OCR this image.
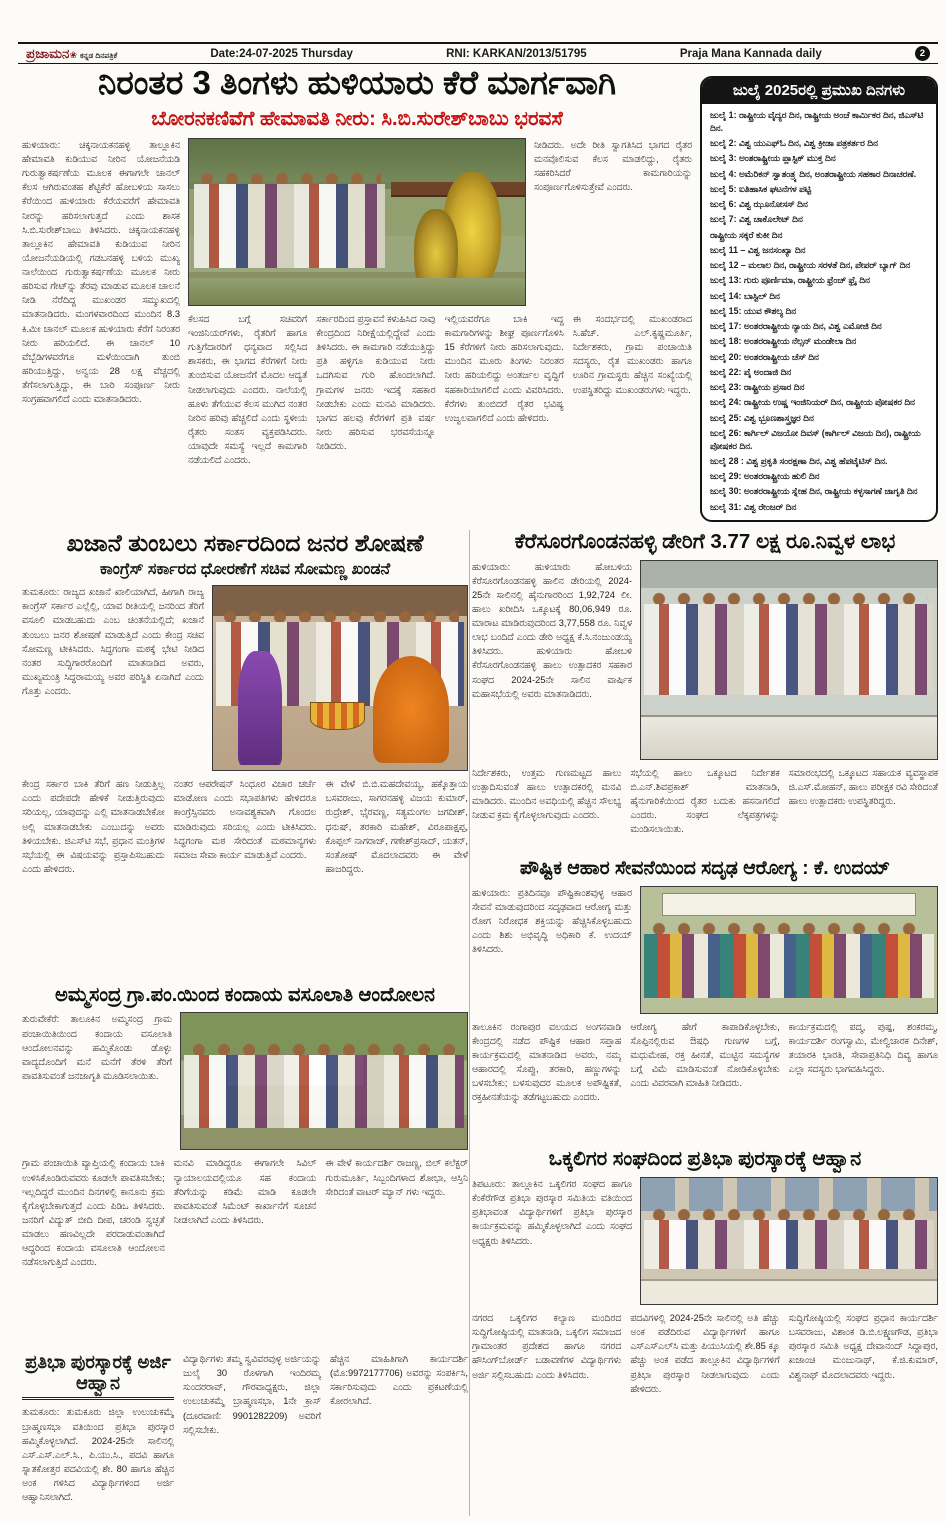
ಪ್ರಜಾಮನ❀ ಕನ್ನಡ ದಿನಪತ್ರಿಕೆ	Date:24-07-2025 Thursday	RNI: KARKAN/2013/51795	Praja Mana Kannada daily	2
ನಿರಂತರ 3 ತಿಂಗಳು ಹುಳಿಯಾರು ಕೆರೆ ಮಾರ್ಗವಾಗಿ
ಬೋರನಕಣಿವೆಗೆ ಹೇಮಾವತಿ ನೀರು: ಸಿ.ಬಿ.ಸುರೇಶ್‌ಬಾಬು ಭರವಸೆ
ಹುಳಿಯಾರು: ಚಿಕ್ಕನಾಯಕನಹಳ್ಳಿ ತಾಲ್ಲೂಕಿನ ಹೇಮಾವತಿ ಕುಡಿಯುವ ನೀರಿನ ಯೋಜನೆಯಡಿ ಗುರುತ್ವಾಕರ್ಷಣೆಯ ಮೂಲಕ ಈಗಾಗಲೇ ಚಾನಲ್ ಕೆಲಸ ಆಗಿರುವಂತಹ ಶೆಟ್ಟಿಕೆರೆ ಹೋಬಳಿಯ ಸಾಸಲು ಕೆರೆಯಿಂದ ಹುಳಿಯಾರು ಕೆರೆಯವರೆಗೆ ಹೇಮಾವತಿ ನೀರನ್ನು ಹರಿಸಲಾಗುತ್ತದೆ ಎಂದು ಶಾಸಕ ಸಿ.ಬಿ.ಸುರೇಶ್‌ಬಾಬು ತಿಳಿಸಿದರು. ಚಿಕ್ಕನಾಯಕನಹಳ್ಳಿ ತಾಲ್ಲೂಕಿನ ಹೇಮಾವತಿ ಕುಡಿಯುವ ನೀರಿನ ಯೋಜನೆಯಡಿಯಲ್ಲಿ ಗಡಬನಹಳ್ಳಿ ಬಳಿಯ ಮುಖ್ಯ ನಾಲೆಯಿಂದ ಗುರುತ್ವಾಕರ್ಷಣೆಯ ಮೂಲಕ ನೀರು ಹರಿಸುವ ಗೇಟ್‌ನ್ನು ತೆರವು ಮಾಡುವ ಮೂಲಕ ಚಾಲನೆ ನೀಡಿ ನೆರೆದಿದ್ದ ಮುಖಂಡರ ಸಮ್ಮುಖದಲ್ಲಿ ಮಾತನಾಡಿದರು. ಮಂಗಳವಾರದಿಂದ ಮುಂದಿನ 8.3 ಕಿ.ಮೀ ಚಾನಲ್ ಮೂಲಕ ಹುಳಿಯಾರು ಕೆರೆಗೆ ನಿರಂತರ ನೀರು ಹರಿಯಲಿದೆ. ಈ ಚಾನಲ್ 10 ವೆಬ್ಬೆಡಿಗಳವರೆಗೂ ಮಳೆಯಿಂದಾಗಿ ತುಂಬಿ ಹರಿಯುತ್ತಿದ್ದು, ಅನ್ವಯ 28 ಲಕ್ಷ ವೆಚ್ಚದಲ್ಲಿ ತೆಗೆಸಲಾಗುತ್ತಿದ್ದು, ಈ ಬಾರಿ ಸಂಪೂರ್ಣ ನೀರು ಸಂಗ್ರಹವಾಗಲಿದೆ ಎಂದು ಮಾತನಾಡಿದರು.
ನೀಡಿದರು. ಅದೇ ರೀತಿ ಸ್ವಾಗತಿಸಿದ ಭಾಗದ ರೈತರ ಮನವೊಲಿಸುವ ಕೆಲಸ ಮಾಡಲಿದ್ದು, ರೈತರು ಸಹಕರಿಸಿದರೆ ಕಾಮಗಾರಿಯನ್ನು ಸಂಪೂರ್ಣಗೊಳಿಸುತ್ತೇವೆ ಎಂದರು.
ಕೆಲಸದ ಬಗ್ಗೆ ಸಚಿವರಿಗೆ ಇಂಜಿನಿಯರ್‌ಗಳು, ರೈತರಿಗೆ ಹಾಗೂ ಗುತ್ತಿಗೆದಾರರಿಗೆ ಧನ್ಯವಾದ ಸಲ್ಲಿಸಿದ ಶಾಸಕರು, ಈ ಭಾಗದ ಕೆರೆಗಳಿಗೆ ನೀರು ತುಂಬಿಸುವ ಯೋಜನೆಗೆ ಮೊದಲ ಆದ್ಯತೆ ನೀಡಲಾಗುವುದು ಎಂದರು. ನಾಲೆಯಲ್ಲಿ ಹೂಳು ತೆಗೆಯುವ ಕೆಲಸ ಮುಗಿದ ನಂತರ ನೀರಿನ ಹರಿವು ಹೆಚ್ಚಲಿದೆ ಎಂದು ಸ್ಥಳೀಯ ರೈತರು ಸಂತಸ ವ್ಯಕ್ತಪಡಿಸಿದರು. ಯಾವುದೇ ಸಮಸ್ಯೆ ಇಲ್ಲದೆ ಕಾಮಗಾರಿ ನಡೆಯಲಿದೆ ಎಂದರು.
ಸರ್ಕಾರದಿಂದ ಪ್ರಸ್ತಾವನೆ ಕಳುಹಿಸಿದ ನಾವು ಕೇಂದ್ರದಿಂದ ನಿರೀಕ್ಷೆಯಲ್ಲಿದ್ದೇವೆ ಎಂದು ತಿಳಿಸಿದರು. ಈ ಕಾಮಗಾರಿ ನಡೆಯುತ್ತಿದ್ದು ಪ್ರತಿ ಹಳ್ಳಿಗೂ ಕುಡಿಯುವ ನೀರು ಒದಗಿಸುವ ಗುರಿ ಹೊಂದಲಾಗಿದೆ. ಗ್ರಾಮಗಳ ಜನರು ಇದಕ್ಕೆ ಸಹಕಾರ ನೀಡಬೇಕು ಎಂದು ಮನವಿ ಮಾಡಿದರು. ಭಾಗದ ಹಲವು ಕೆರೆಗಳಿಗೆ ಪ್ರತಿ ವರ್ಷ ನೀರು ಹರಿಸುವ ಭರವಸೆಯನ್ನೂ ನೀಡಿದರು.
ಇಲ್ಲಿಯವರೆಗೂ ಬಾಕಿ ಇದ್ದ ಕಾಮಗಾರಿಗಳನ್ನು ಶೀಘ್ರ ಪೂರ್ಣಗೊಳಿಸಿ 15 ಕೆರೆಗಳಿಗೆ ನೀರು ಹರಿಸಲಾಗುವುದು. ಮುಂದಿನ ಮೂರು ತಿಂಗಳು ನಿರಂತರ ನೀರು ಹರಿಯಲಿದ್ದು ಅಂತರ್ಜಲ ವೃದ್ಧಿಗೆ ಸಹಕಾರಿಯಾಗಲಿದೆ ಎಂದು ವಿವರಿಸಿದರು. ಕೆರೆಗಳು ತುಂಬಿದರೆ ರೈತರ ಭವಿಷ್ಯ ಉಜ್ವಲವಾಗಲಿದೆ ಎಂದು ಹೇಳಿದರು.
ಈ ಸಂದರ್ಭದಲ್ಲಿ ಮುಖಂಡರಾದ ಸಿ.ಹೆಚ್. ಎಲ್.ಕೃಷ್ಣಮೂರ್ತಿ, ನಿರ್ದೇಶಕರು, ಗ್ರಾಮ ಪಂಚಾಯಿತಿ ಸದಸ್ಯರು, ರೈತ ಮುಖಂಡರು ಹಾಗೂ ಊರಿನ ಗ್ರಾಮಸ್ಥರು ಹೆಚ್ಚಿನ ಸಂಖ್ಯೆಯಲ್ಲಿ ಉಪಸ್ಥಿತರಿದ್ದು ಮುಖಂಡರುಗಳು ಇದ್ದರು.
ಜುಲೈ 2025ರಲ್ಲಿ ಪ್ರಮುಖ ದಿನಗಳು
ಜುಲೈ 1: ರಾಷ್ಟ್ರೀಯ ವೈದ್ಯರ ದಿನ, ರಾಷ್ಟ್ರೀಯ ಅಂಚೆ ಕಾರ್ಮಿಕರ ದಿನ, ಜಿಎಸ್‌ಟಿ ದಿನ.
ಜುಲೈ 2: ವಿಶ್ವ ಯುಎಫ್‌ಓ ದಿನ, ವಿಶ್ವ ಕ್ರೀಡಾ ಪತ್ರಕರ್ತರ ದಿನ
ಜುಲೈ 3: ಅಂತರಾಷ್ಟ್ರೀಯ ಪ್ಲಾಸ್ಟಿಕ್ ಮುಕ್ತ ದಿನ
ಜುಲೈ 4: ಅಮೆರಿಕನ್ ಸ್ವಾತಂತ್ರ್ಯ ದಿನ, ಅಂತರಾಷ್ಟ್ರೀಯ ಸಹಕಾರ ದಿನಾಚರಣೆ.
ಜುಲೈ 5: ಐತಿಹಾಸಿಕ ಘಟನೆಗಳ ಪಟ್ಟಿ
ಜುಲೈ 6: ವಿಶ್ವ ಝೂನೋಸಸ್ ದಿನ
ಜುಲೈ 7: ವಿಶ್ವ ಚಾಕೊಲೇಟ್ ದಿನ
ರಾಷ್ಟ್ರೀಯ ಸಕ್ಕರೆ ಕುಕೀ ದಿನ
ಜುಲೈ 11 – ವಿಶ್ವ ಜನಸಂಖ್ಯಾ ದಿನ
ಜುಲೈ 12 – ಮಲಾಲ ದಿನ, ರಾಷ್ಟ್ರೀಯ ಸರಳತೆ ದಿನ, ಪೇಪರ್ ಬ್ಯಾಗ್ ದಿನ
ಜುಲೈ 13: ಗುರು ಪೂರ್ಣಿಮಾ, ರಾಷ್ಟ್ರೀಯ ಫ್ರೆಂಚ್ ಫ್ರೈ ದಿನ
ಜುಲೈ 14: ಬಾಸ್ಟಿಲ್ ದಿನ
ಜುಲೈ 15: ಯುವ ಕೌಶಲ್ಯ ದಿನ
ಜುಲೈ 17: ಅಂತರರಾಷ್ಟ್ರೀಯ ನ್ಯಾಯ ದಿನ, ವಿಶ್ವ ಎಮೋಜಿ ದಿನ
ಜುಲೈ 18: ಅಂತರರಾಷ್ಟ್ರೀಯ ನೆಲ್ಸನ್ ಮಂಡೇಲಾ ದಿನ
ಜುಲೈ 20: ಅಂತರರಾಷ್ಟ್ರೀಯ ಚೆಸ್ ದಿನ
ಜುಲೈ 22: ಪೈ ಅಂದಾಜಿ ದಿನ
ಜುಲೈ 23: ರಾಷ್ಟ್ರೀಯ ಪ್ರಸಾರ ದಿನ
ಜುಲೈ 24: ರಾಷ್ಟ್ರೀಯ ಉಷ್ಣ ಇಂಜಿನಿಯರ್ ದಿನ, ರಾಷ್ಟ್ರೀಯ ಪೋಷಕರ ದಿನ
ಜುಲೈ 25: ವಿಶ್ವ ಭ್ರೂಣಶಾಸ್ತ್ರಜ್ಞರ ದಿನ
ಜುಲೈ 26: ಕಾರ್ಗಿಲ್ ವಿಜಯೋ ದಿವಸ್ (ಕಾರ್ಗಿಲ್ ವಿಜಯ ದಿನ), ರಾಷ್ಟ್ರೀಯ ಪೋಷಕರ ದಿನ.
ಜುಲೈ 28 : ವಿಶ್ವ ಪ್ರಕೃತಿ ಸಂರಕ್ಷಣಾ ದಿನ, ವಿಶ್ವ ಹೆಪಟೈಟಿಸ್ ದಿನ.
ಜುಲೈ 29: ಅಂತರರಾಷ್ಟ್ರೀಯ ಹುಲಿ ದಿನ
ಜುಲೈ 30: ಅಂತರರಾಷ್ಟ್ರೀಯ ಸ್ನೇಹ ದಿನ, ರಾಷ್ಟ್ರೀಯ ಕಳ್ಳಸಾಗಣೆ ಜಾಗೃತಿ ದಿನ
ಜುಲೈ 31: ವಿಶ್ವ ರೇಂಜರ್ ದಿನ
ಖಜಾನೆ ತುಂಬಲು ಸರ್ಕಾರದಿಂದ ಜನರ ಶೋಷಣೆ
ಕಾಂಗ್ರೆಸ್ ಸರ್ಕಾರದ ಧೋರಣೆಗೆ ಸಚಿವ ಸೋಮಣ್ಣ ಖಂಡನೆ
ತುಮಕೂರು: ರಾಜ್ಯದ ಖಜಾನೆ ಖಾಲಿಯಾಗಿದೆ, ಹೀಗಾಗಿ ರಾಜ್ಯ ಕಾಂಗ್ರೆಸ್ ಸರ್ಕಾರ ಎಲ್ಲೆಲ್ಲಿ, ಯಾವ ರೀತಿಯಲ್ಲಿ ಜನರಿಂದ ತೆರಿಗೆ ವಸೂಲಿ ಮಾಡಬಹುದು ಎಂಬ ಚಿಂತನೆಯಲ್ಲಿದೆ; ಖಜಾನೆ ತುಂಬಲು ಜನರ ಶೋಷಣೆ ಮಾಡುತ್ತಿದೆ ಎಂದು ಕೇಂದ್ರ ಸಚಿವ ಸೋಮಣ್ಣ ಟೀಕಿಸಿದರು. ಸಿದ್ಧಗಂಗಾ ಮಠಕ್ಕೆ ಭೇಟಿ ನೀಡಿದ ನಂತರ ಸುದ್ದಿಗಾರರೊಂದಿಗೆ ಮಾತನಾಡಿದ ಅವರು, ಮುಖ್ಯಮಂತ್ರಿ ಸಿದ್ಧರಾಮಯ್ಯ ಅವರ ಪರಿಸ್ಥಿತಿ ಏನಾಗಿದೆ ಎಂದು ಗೊತ್ತು ಎಂದರು.
ಕೇಂದ್ರ ಸರ್ಕಾರ ಬಾಕಿ ತೆರಿಗೆ ಹಣ ನೀಡುತ್ತಿಲ್ಲ ಎಂದು ಪದೇಪದೇ ಹೇಳಿಕೆ ನೀಡುತ್ತಿರುವುದು ಸರಿಯಲ್ಲ, ಯಾವುದನ್ನು ಎಲ್ಲಿ ಮಾತನಾಡಬೇಕೋ ಅಲ್ಲಿ ಮಾತನಾಡಬೇಕು ಎಂಬುದನ್ನು ಅವರು ತಿಳಿಯಬೇಕು. ಜಿಎಸ್‌ಟಿ ಸಭೆ, ಪ್ರಧಾನ ಮಂತ್ರಿಗಳ ಸಭೆಯಲ್ಲಿ ಈ ವಿಷಯವನ್ನು ಪ್ರಸ್ತಾಪಿಸಬಹುದು ಎಂದು ಹೇಳಿದರು.
ನಂತರ ಆಪರೇಷನ್ ಸಿಂಧೂರ ವಿಚಾರ ಚರ್ಚೆ ಮಾಡೋಣ ಎಂದು ಸಭಾಪತಿಗಳು ಹೇಳಿದರೂ ಕಾಂಗ್ರೆಸ್ಸಿನವರು ಅನಾವಶ್ಯಕವಾಗಿ ಗೊಂದಲ ಮಾಡಿರುವುದು ಸರಿಯಲ್ಲ ಎಂದು ಟೀಕಿಸಿದರು. ಸಿದ್ಧಗಂಗಾ ಮಠ ಸೇರಿದಂತೆ ಮಠಮಾನ್ಯಗಳು ಸಮಾಜ ಸೇವಾ ಕಾರ್ಯ ಮಾಡುತ್ತಿವೆ ಎಂದರು.
ಈ ವೇಳೆ ಬಿ.ಬಿ.ಮಹದೇವಯ್ಯ, ಹಕ್ಕೊತ್ತಾಯ ಬಸವರಾಜು, ಸಾಗರನಹಳ್ಳಿ ವಿಜಯ ಕುಮಾರ್, ರುದ್ರೇಶ್, ಭೈರವಣ್ಣ, ಸತ್ಯಮಂಗಲ ಜಗದೀಶ್, ಧನುಷ್, ತರಕಾರಿ ಮಹೇಶ್, ವಿರೂಪಾಕ್ಷಪ್ಪ, ಕೊಪ್ಪಲ್ ನಾಗರಾಜ್, ಗಣೇಶ್‌ಪ್ರಸಾದ್, ಯತನ್, ಸಂತೋಷ್ ಮೊದಲಾದವರು ಈ ವೇಳೆ ಹಾಜರಿದ್ದರು.
ಕೆರೆಸೂರಗೊಂಡನಹಳ್ಳಿ ಡೇರಿಗೆ 3.77 ಲಕ್ಷ ರೂ.ನಿವ್ವಳ ಲಾಭ
ಹುಳಿಯಾರು: ಹುಳಿಯಾರು ಹೋಬಳಿಯ ಕೆರೆಸೂರಗೊಂಡನಹಳ್ಳಿ ಹಾಲಿನ ಡೇರಿಯಲ್ಲಿ 2024-25ನೇ ಸಾಲಿನಲ್ಲಿ ಹೈನುಗಾರರಿಂದ 1,92,724 ಲೀ. ಹಾಲು ಖರೀದಿಸಿ ಒಕ್ಕೂಟಕ್ಕೆ 80,06,949 ರೂ. ಮಾರಾಟ ಮಾಡಿರುವುದರಿಂದ 3,77,558 ರೂ. ನಿವ್ವಳ ಲಾಭ ಬಂದಿದೆ ಎಂದು ಡೇರಿ ಅಧ್ಯಕ್ಷ ಕೆ.ಸಿ.ನಂಜುಂಡಯ್ಯ ತಿಳಿಸಿದರು. ಹುಳಿಯಾರು ಹೋಬಳಿ ಕೆರೆಸೂರಗೊಂಡನಹಳ್ಳಿ ಹಾಲು ಉತ್ಪಾದಕರ ಸಹಕಾರ ಸಂಘದ 2024-25ನೇ ಸಾಲಿನ ವಾರ್ಷಿಕ ಮಹಾಸಭೆಯಲ್ಲಿ ಅವರು ಮಾತನಾಡಿದರು.
ನಿರ್ದೇಶಕರು, ಉತ್ತಮ ಗುಣಮಟ್ಟದ ಹಾಲು ಉತ್ಪಾದಿಸುವಂತೆ ಹಾಲು ಉತ್ಪಾದಕರಲ್ಲಿ ಮನವಿ ಮಾಡಿದರು. ಮುಂದಿನ ಅವಧಿಯಲ್ಲಿ ಹೆಚ್ಚಿನ ಸೌಲಭ್ಯ ನೀಡುವ ಕ್ರಮ ಕೈಗೊಳ್ಳಲಾಗುವುದು ಎಂದರು.
ಸಭೆಯಲ್ಲಿ ಹಾಲು ಒಕ್ಕೂಟದ ನಿರ್ದೇಶಕ ಬಿ.ಎನ್.ಶಿವಪ್ರಕಾಶ್ ಮಾತನಾಡಿ, ಹೈನುಗಾರಿಕೆಯಿಂದ ರೈತರ ಬದುಕು ಹಸನಾಗಲಿದೆ ಎಂದರು. ಸಂಘದ ಲೆಕ್ಕಪತ್ರಗಳನ್ನು ಮಂಡಿಸಲಾಯಿತು.
ಸಮಾರಂಭದಲ್ಲಿ ಒಕ್ಕೂಟದ ಸಹಾಯಕ ವ್ಯವಸ್ಥಾಪಕ ಜಿ.ಎಸ್.ಮೋಹನ್, ಹಾಲು ಪರೀಕ್ಷಕ ರವಿ ಸೇರಿದಂತೆ ಹಾಲು ಉತ್ಪಾದಕರು ಉಪಸ್ಥಿತರಿದ್ದರು.
ಪೌಷ್ಟಿಕ ಆಹಾರ ಸೇವನೆಯಿಂದ ಸದೃಢ ಆರೋಗ್ಯ : ಕೆ. ಉದಯ್
ಹುಳಿಯಾರು: ಪ್ರತಿದಿನವೂ ಪೌಷ್ಟಿಕಾಂಶವುಳ್ಳ ಆಹಾರ ಸೇವನೆ ಮಾಡುವುದರಿಂದ ಸದೃಢವಾದ ಆರೋಗ್ಯ ಮತ್ತು ರೋಗ ನಿರೋಧಕ ಶಕ್ತಿಯನ್ನು ಹೆಚ್ಚಿಸಿಕೊಳ್ಳಬಹುದು ಎಂದು ಶಿಶು ಅಭಿವೃದ್ಧಿ ಅಧಿಕಾರಿ ಕೆ. ಉದಯ್ ತಿಳಿಸಿದರು.
ತಾಲೂಕಿನ ರಂಗಾಪುರ ವಲಯದ ಅಂಗನವಾಡಿ ಕೇಂದ್ರದಲ್ಲಿ ನಡೆದ ಪೌಷ್ಟಿಕ ಆಹಾರ ಸಪ್ತಾಹ ಕಾರ್ಯಕ್ರಮದಲ್ಲಿ ಮಾತನಾಡಿದ ಅವರು, ನಮ್ಮ ಆಹಾರದಲ್ಲಿ ಸೊಪ್ಪು, ತರಕಾರಿ, ಹಣ್ಣುಗಳನ್ನು ಬಳಸಬೇಕು; ಬಳಸುವುದರ ಮೂಲಕ ಅಪೌಷ್ಟಿಕತೆ, ರಕ್ತಹೀನತೆಯನ್ನು ತಡೆಗಟ್ಟಬಹುದು ಎಂದರು.
ಆರೋಗ್ಯ ಹೇಗೆ ಕಾಪಾಡಿಕೊಳ್ಳಬೇಕು, ಸೊಪ್ಪಿನಲ್ಲಿರುವ ಔಷಧಿ ಗುಣಗಳ ಬಗ್ಗೆ, ಮಧುಮೇಹ, ರಕ್ತ ಹೀನತೆ, ಮುಟ್ಟಿನ ಸಮಸ್ಯೆಗಳ ಬಗ್ಗೆ ವಿಮೆ ಮಾಡಿಸುವಂತೆ ನೋಡಿಕೊಳ್ಳಬೇಕು ಎಂದು ವಿವರವಾಗಿ ಮಾಹಿತಿ ನೀಡಿದರು.
ಕಾರ್ಯಕ್ರಮದಲ್ಲಿ ಪದ್ಮ, ಪುಷ್ಪ, ಶಂಕರಮ್ಮ, ಕಾರ್ಯದರ್ಶಿ ರಂಗಸ್ವಾಮಿ, ಮೇಲ್ವಿಚಾರಕ ದಿನೇಶ್, ತಯಾರಕಿ ಭಾರತಿ, ಸೇವಾಪ್ರತಿನಿಧಿ ದಿವ್ಯ ಹಾಗೂ ಎಲ್ಲಾ ಸದಸ್ಯರು ಭಾಗವಹಿಸಿದ್ದರು.
ಅಮ್ಮಸಂದ್ರ ಗ್ರಾ.ಪಂ.ಯಿಂದ ಕಂದಾಯ ವಸೂಲಾತಿ ಆಂದೋಲನ
ತುರುವೇಕೆರೆ: ತಾಲೂಕಿನ ಅಮ್ಮಸಂದ್ರ ಗ್ರಾಮ ಪಂಚಾಯಿತಿಯಿಂದ ಕಂದಾಯ ವಸೂಲಾತಿ ಆಂದೋಲನವನ್ನು ಹಮ್ಮಿಕೊಂಡು ಡೊಳ್ಳು ವಾದ್ಯದೊಂದಿಗೆ ಮನೆ ಮನೆಗೆ ತೆರಳಿ ತೆರಿಗೆ ಪಾವತಿಸುವಂತೆ ಜನಜಾಗೃತಿ ಮೂಡಿಸಲಾಯಿತು.
ಗ್ರಾಮ ಪಂಚಾಯಿತಿ ವ್ಯಾಪ್ತಿಯಲ್ಲಿ ಕಂದಾಯ ಬಾಕಿ ಉಳಿಸಿಕೊಂಡಿರುವವರು ಕೂಡಲೇ ಪಾವತಿಸಬೇಕು; ಇಲ್ಲದಿದ್ದರೆ ಮುಂದಿನ ದಿನಗಳಲ್ಲಿ ಕಾನೂನು ಕ್ರಮ ಕೈಗೊಳ್ಳಬೇಕಾಗುತ್ತದೆ ಎಂದು ಪಿಡಿಒ ತಿಳಿಸಿದರು. ಜನರಿಗೆ ವಿದ್ಯುತ್ ಬೀದಿ ದೀಪ, ಚರಂಡಿ ಸ್ವಚ್ಛತೆ ಮಾಡಲು ಹಣವಿಲ್ಲದೇ ಪರದಾಡುವಂತಾಗಿದೆ ಆದ್ದರಿಂದ ಕಂದಾಯ ವಸೂಲಾತಿ ಆಂದೋಲನ ನಡೆಸಲಾಗುತ್ತಿದೆ ಎಂದರು.
ಮನವಿ ಮಾಡಿದ್ದರೂ ಈಗಾಗಲೇ ಸಿವಿಲ್ ನ್ಯಾಯಾಲಯದಲ್ಲಿಯೂ ಸಹ ಕಂದಾಯ ತೆರಿಗೆಯನ್ನು ಕಡಿಮೆ ಮಾಡಿ ಕೂಡಲೇ ಪಾವತಿಸುವಂತೆ ಸಿಮೆಂಟ್ ಕಾರ್ಖಾನೆಗೆ ಸೂಚನೆ ನೀಡಲಾಗಿದೆ ಎಂದು ತಿಳಿಸಿದರು.
ಈ ವೇಳೆ ಕಾರ್ಯದರ್ಶಿ ರಾಜಣ್ಣ, ಬಿಲ್ ಕಲೆಕ್ಟರ್ ಗುರುಮೂರ್ತಿ, ಸಿಬ್ಬಂದಿಗಳಾದ ಶೋಭಾ, ಆಸ್ತಿನಿ ಸೇರಿದಂತೆ ವಾಟರ್ ಮ್ಯಾನ್ ಗಳು ಇದ್ದರು.
ಒಕ್ಕಲಿಗರ ಸಂಘದಿಂದ ಪ್ರತಿಭಾ ಪುರಸ್ಕಾರಕ್ಕೆ ಆಹ್ವಾನ
ತಿಪಟೂರು: ತಾಲ್ಲೂಕಿನ ಒಕ್ಕಲಿಗರ ಸಂಘದ ಹಾಗೂ ಕೆಂಕೆರೆಗೌಡ ಪ್ರತಿಭಾ ಪುರಸ್ಕಾರ ಸಮಿತಿಯ ವತಿಯಿಂದ ಪ್ರತಿಭಾವಂತ ವಿದ್ಯಾರ್ಥಿಗಳಿಗೆ ಪ್ರತಿಭಾ ಪುರಸ್ಕಾರ ಕಾರ್ಯಕ್ರಮವನ್ನು ಹಮ್ಮಿಕೊಳ್ಳಲಾಗಿದೆ ಎಂದು ಸಂಘದ ಅಧ್ಯಕ್ಷರು ತಿಳಿಸಿದರು.
ನಗರದ ಒಕ್ಕಲಿಗರ ಕಲ್ಯಾಣ ಮಂದಿರದ ಸುದ್ದಿಗೋಷ್ಠಿಯಲ್ಲಿ ಮಾತನಾಡಿ, ಒಕ್ಕಲಿಗ ಸಮಾಜದ ಗ್ರಾಮಾಂತರ ಪ್ರದೇಶದ ಹಾಗೂ ನಗರದ ಹೌಸಿಂಗ್‌ಬೋರ್ಡ್ ಬಡಾವಣೆಗಳ ವಿದ್ಯಾರ್ಥಿಗಳು ಅರ್ಜಿ ಸಲ್ಲಿಸಬಹುದು ಎಂದು ತಿಳಿಸಿದರು.
ಪದವಿಗಳಲ್ಲಿ 2024-25ನೇ ಸಾಲಿನಲ್ಲಿ ಅತಿ ಹೆಚ್ಚು ಅಂಕ ಪಡೆದಿರುವ ವಿದ್ಯಾರ್ಥಿಗಳಿಗೆ ಹಾಗೂ ಎಸ್‌ಎಸ್‌ಎಲ್‌ಸಿ ಮತ್ತು ಪಿಯುಸಿಯಲ್ಲಿ ಶೇ.85 ಕ್ಕೂ ಹೆಚ್ಚು ಅಂಕ ಪಡೆದ ತಾಲ್ಲೂಕಿನ ವಿದ್ಯಾರ್ಥಿಗಳಿಗೆ ಪ್ರತಿಭಾ ಪುರಸ್ಕಾರ ನೀಡಲಾಗುವುದು ಎಂದು ಹೇಳಿದರು.
ಸುದ್ದಿಗೋಷ್ಠಿಯಲ್ಲಿ ಸಂಘದ ಪ್ರಧಾನ ಕಾರ್ಯದರ್ಶಿ ಬಸವರಾಜು, ವಿಶಾಂಕ ಡಿ.ಬಿ.ಲಕ್ಷ್ಮಣಗೌಡ, ಪ್ರತಿಭಾ ಪುರಸ್ಕಾರ ಸಮಿತಿ ಅಧ್ಯಕ್ಷ ದೇವಾನಂದ್ ಸಿದ್ದಾಪುರ, ಖಜಾಂಚಿ ಮಂಜುನಾಥ್, ಕೆ.ಜಿ.ಕುಮಾರ್, ವಿಶ್ವನಾಥ್ ಮೊದಲಾದವರು ಇದ್ದರು.
ಪ್ರತಿಭಾ ಪುರಸ್ಕಾರಕ್ಕೆ ಅರ್ಜಿ ಆಹ್ವಾನ
ತುಮಕೂರು: ತುಮಕೂರು ಜಿಲ್ಲಾ ಉಲುಚುಕಮ್ಮೆ ಬ್ರಾಹ್ಮಣಸಭಾ ವತಿಯಿಂದ ಪ್ರತಿಭಾ ಪುರಸ್ಕಾರ ಹಮ್ಮಿಕೊಳ್ಳಲಾಗಿದೆ. 2024-25ನೇ ಸಾಲಿನಲ್ಲಿ ಎಸ್.ಎಸ್.ಎಲ್.ಸಿ., ಪಿ.ಯು.ಸಿ., ಪದವಿ ಹಾಗೂ ಸ್ನಾತಕೋತ್ತರ ಪದವಿಯಲ್ಲಿ ಶೇ. 80 ಹಾಗೂ ಹೆಚ್ಚಿನ ಅಂಕ ಗಳಿಸಿದ ವಿದ್ಯಾರ್ಥಿಗಳಿಂದ ಅರ್ಜಿ ಆಹ್ವಾನಿಸಲಾಗಿದೆ.
ವಿದ್ಯಾರ್ಥಿಗಳು ತಮ್ಮ ಸ್ವವಿವರವುಳ್ಳ ಅರ್ಜಿಯನ್ನು ಜುಲೈ 30 ರೊಳಗಾಗಿ ಇಂದಿರಮ್ಮ ಸುಂದರರಾವ್, ಗೌರವಾಧ್ಯಕ್ಷರು, ಜಿಲ್ಲಾ ಉಲುಚುಕಮ್ಮೆ ಬ್ರಾಹ್ಮಣಸಭಾ, 1ನೇ ಕ್ರಾಸ್ (ದೂರವಾಣಿ: 9901282209) ಅವರಿಗೆ ಸಲ್ಲಿಸಬೇಕು.
ಹೆಚ್ಚಿನ ಮಾಹಿತಿಗಾಗಿ ಕಾರ್ಯದರ್ಶಿ (ಮೊ:9972177706) ಅವರನ್ನು ಸಂಪರ್ಕಿಸಿ, ಸರ್ಕಾರಿಸುವುದು ಎಂದು ಪ್ರಕಟಣೆಯಲ್ಲಿ ಕೋರಲಾಗಿದೆ.
